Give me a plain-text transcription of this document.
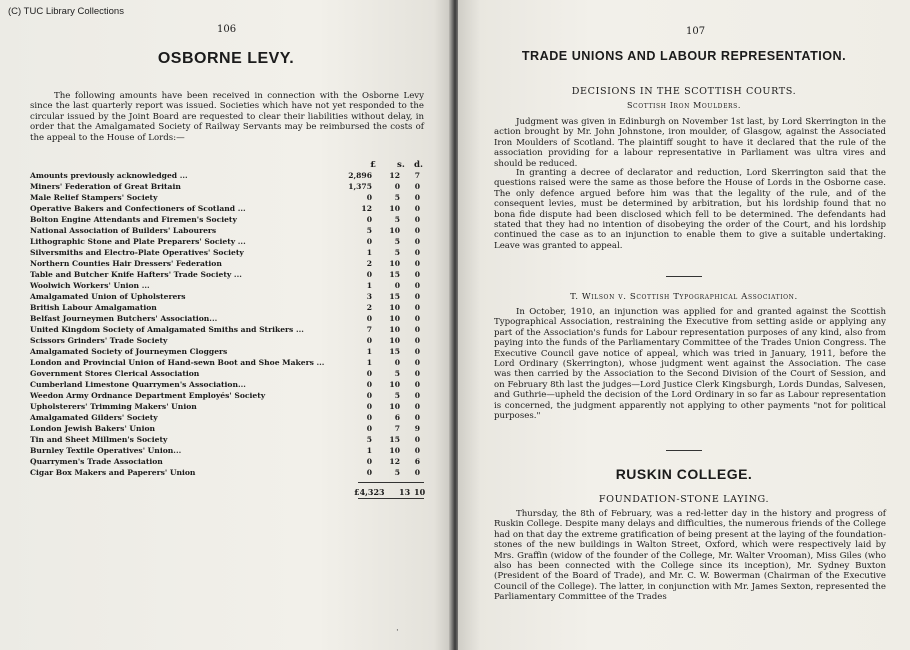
(C) TUC Library Collections
106
OSBORNE LEVY.
The following amounts have been received in connection with the Osborne Levy since the last quarterly report was issued. Societies which have not yet responded to the circular issued by the Joint Board are requested to clear their liabilities without delay, in order that the Amalgamated Society of Railway Servants may be reimbursed the costs of the appeal to the House of Lords:—
£ s. d.
Amounts previously acknowledged ...	2,896	12	7
Miners' Federation of Great Britain	1,375	0	0
Male Relief Stampers' Society	0	5	0
Operative Bakers and Confectioners of Scotland ...	12	10	0
Bolton Engine Attendants and Firemen's Society	0	5	0
National Association of Builders' Labourers	5	10	0
Lithographic Stone and Plate Preparers' Society ...	0	5	0
Silversmiths and Electro-Plate Operatives' Society	1	5	0
Northern Counties Hair Dressers' Federation	2	10	0
Table and Butcher Knife Hafters' Trade Society ...	0	15	0
Woolwich Workers' Union ...	1	0	0
Amalgamated Union of Upholsterers	3	15	0
British Labour Amalgamation	2	10	0
Belfast Journeymen Butchers' Association...	0	10	0
United Kingdom Society of Amalgamated Smiths and Strikers ...	7	10	0
Scissors Grinders' Trade Society	0	10	0
Amalgamated Society of Journeymen Cloggers	1	15	0
London and Provincial Union of Hand-sewn Boot and Shoe Makers ...	1	0	0
Government Stores Clerical Association	0	5	0
Cumberland Limestone Quarrymen's Association...	0	10	0
Weedon Army Ordnance Department Employés' Society	0	5	0
Upholsterers' Trimming Makers' Union	0	10	0
Amalgamated Gilders' Society	0	6	0
London Jewish Bakers' Union	0	7	9
Tin and Sheet Millmen's Society	5	15	0
Burnley Textile Operatives' Union...	1	10	0
Quarrymen's Trade Association	0	12	6
Cigar Box Makers and Paperers' Union	0	5	0
£4,323 13 10
·
107
TRADE UNIONS AND LABOUR REPRESENTATION.
DECISIONS IN THE SCOTTISH COURTS.
Scottish Iron Moulders.
Judgment was given in Edinburgh on November 1st last, by Lord Skerrington in the action brought by Mr. John Johnstone, iron moulder, of Glasgow, against the Associated Iron Moulders of Scotland. The plaintiff sought to have it declared that the rule of the association providing for a labour representative in Parliament was ultra vires and should be reduced.
In granting a decree of declarator and reduction, Lord Skerrington said that the questions raised were the same as those before the House of Lords in the Osborne case. The only defence argued before him was that the legality of the rule, and of the consequent levies, must be determined by arbitration, but his lordship found that no bona fide dispute had been disclosed which fell to be determined. The defendants had stated that they had no intention of disobeying the order of the Court, and his lordship continued the case as to an injunction to enable them to give a suitable undertaking. Leave was granted to appeal.
T. Wilson v. Scottish Typographical Association.
In October, 1910, an injunction was applied for and granted against the Scottish Typographical Association, restraining the Executive from setting aside or applying any part of the Association's funds for Labour representation purposes of any kind, also from paying into the funds of the Parliamentary Committee of the Trades Union Congress. The Executive Council gave notice of appeal, which was tried in January, 1911, before the Lord Ordinary (Skerrington), whose judgment went against the Association. The case was then carried by the Association to the Second Division of the Court of Session, and on February 8th last the judges—Lord Justice Clerk Kingsburgh, Lords Dundas, Salvesen, and Guthrie—upheld the decision of the Lord Ordinary in so far as Labour representation is concerned, the judgment apparently not applying to other payments "not for political purposes."
RUSKIN COLLEGE.
FOUNDATION-STONE LAYING.
Thursday, the 8th of February, was a red-letter day in the history and progress of Ruskin College. Despite many delays and difficulties, the numerous friends of the College had on that day the extreme gratification of being present at the laying of the foundation-stones of the new buildings in Walton Street, Oxford, which were respectively laid by Mrs. Graffin (widow of the founder of the College, Mr. Walter Vrooman), Miss Giles (who also has been connected with the College since its inception), Mr. Sydney Buxton (President of the Board of Trade), and Mr. C. W. Bowerman (Chairman of the Executive Council of the College). The latter, in conjunction with Mr. James Sexton, represented the Parliamentary Committee of the Trades
